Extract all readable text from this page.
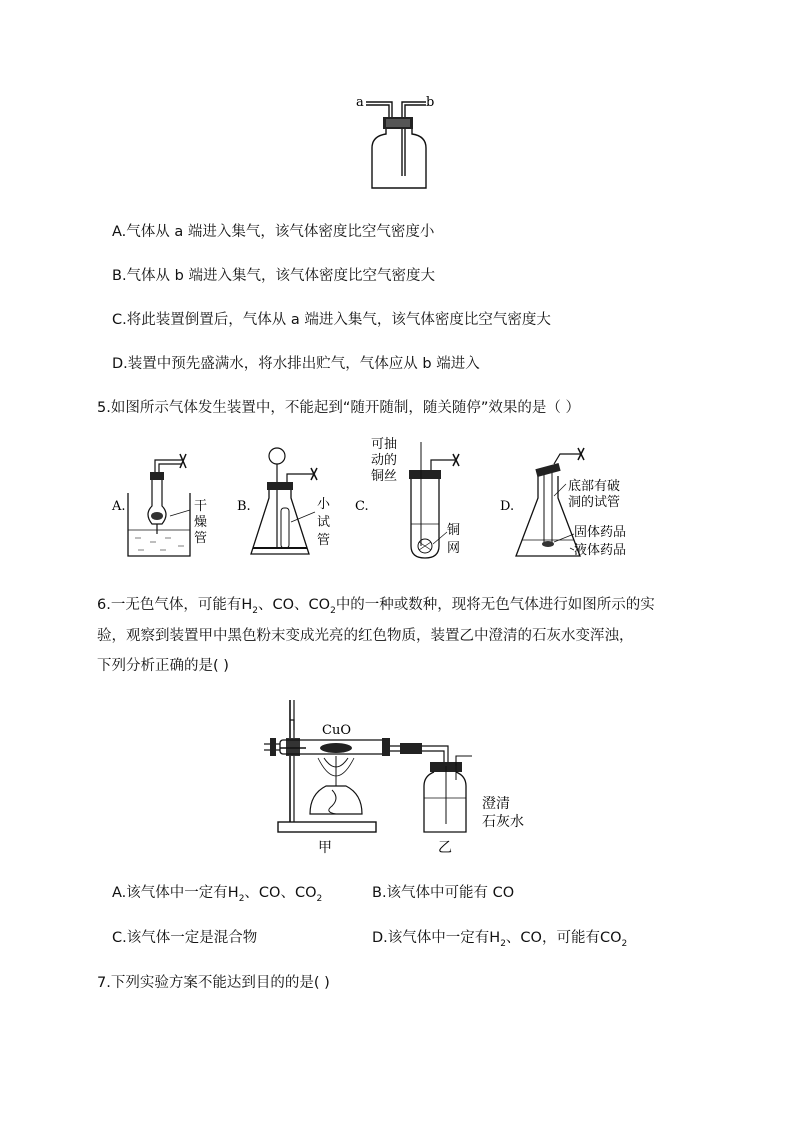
a	b
A.气体从 a 端进入集气，该气体密度比空气密度小
B.气体从 b 端进入集气，该气体密度比空气密度大
C.将此装置倒置后，气体从 a 端进入集气，该气体密度比空气密度大
D.装置中预先盛满水，将水排出贮气，气体应从 b 端进入
5.如图所示气体发生装置中，不能起到“随开随制，随关随停”效果的是（ ）
A.	干
燥
管
B.	小
试
管
C.
可抽
动的
铜丝
铜
网
D.
底部有破
洞的试管
固体药品
液体药品
6.一无色气体，可能有$H_2$、CO、$CO_2$中的一种或数种，现将无色气体进行如图所示的实
验，观察到装置甲中黑色粉末变成光亮的红色物质，装置乙中澄清的石灰水变浑浊，
下列分析正确的是( )
CuO
澄清
石灰水
甲	乙
A.该气体中一定有$H_2$、CO、$CO_2$	B.该气体中可能有 CO
C.该气体一定是混合物	D.该气体中一定有$H_2$、CO，可能有$CO_2$
7.下列实验方案不能达到目的的是( )
